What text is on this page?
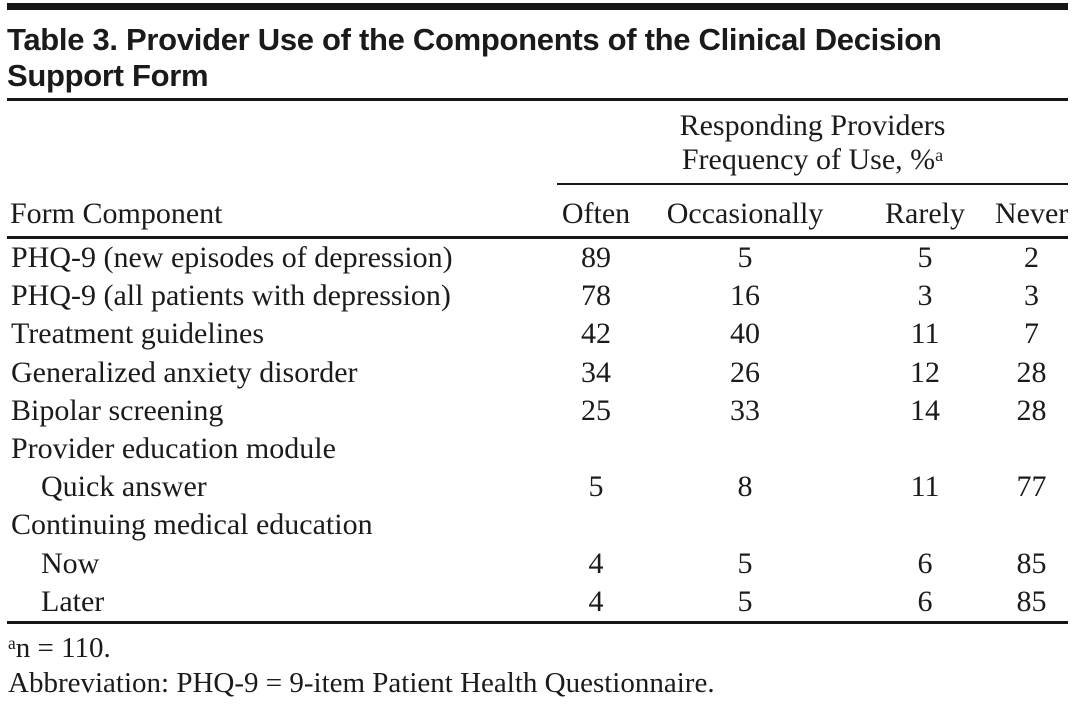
Table 3. Provider Use of the Components of the Clinical Decision
Support Form

	Responding Providers
Frequency of Use, %$^a$

Form Component	Often	Occasionally	Rarely	Never
PHQ-9 (new episodes of depression)	89	5	5	2
PHQ-9 (all patients with depression)	78	16	3	3
Treatment guidelines	42	40	11	7
Generalized anxiety disorder	34	26	12	28
Bipolar screening	25	33	14	28
Provider education module				
Quick answer	5	8	11	77
Continuing medical education				
Now	4	5	6	85
Later	4	5	6	85
$^a$n = 110.
Abbreviation: PHQ-9 = 9-item Patient Health Questionnaire.
